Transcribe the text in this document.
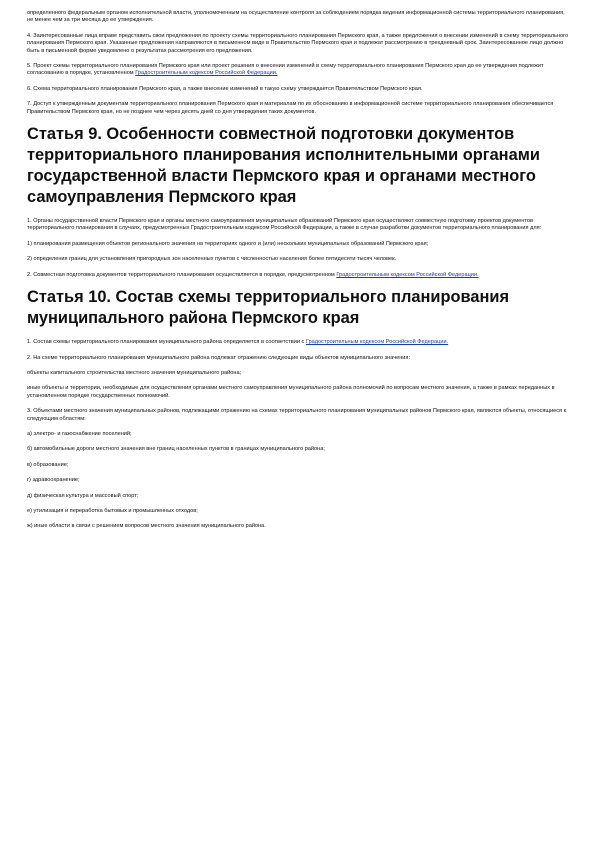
определенного федеральным органом исполнительной власти, уполномоченным на осуществление контроля за соблюдением порядка ведения информационной системы территориального планирования, не менее чем за три месяца до ее утверждения.

4. Заинтересованные лица вправе представить свои предложения по проекту схемы территориального планирования Пермского края, а также предложения о внесении изменений в схему территориального планирования Пермского края. Указанные предложения направляются в письменном виде в Правительство Пермского края и подлежат рассмотрению в трехдневный срок. Заинтересованное лицо должно быть в письменной форме уведомлено о результатах рассмотрения его предложения.

5. Проект схемы территориального планирования Пермского края или проект решения о внесении изменений в схему территориального планирования Пермского края до ее утверждения подлежит согласованию в порядке, установленном Градостроительным кодексом Российской Федерации.

6. Схема территориального планирования Пермского края, а также внесение изменений в такую схему утверждается Правительством Пермского края.

7. Доступ к утвержденным документам территориального планирования Пермского края и материалам по их обоснованию в информационной системе территориального планирования обеспечивается Правительством Пермского края, но не позднее чем через десять дней со дня утверждения таких документов.

Статья 9. Особенности совместной подготовки документов территориального планирования исполнительными органами государственной власти Пермского края и органами местного самоуправления Пермского края

1. Органы государственной власти Пермского края и органы местного самоуправления муниципальных образований Пермского края осуществляют совместную подготовку проектов документов территориального планирования в случаях, предусмотренных Градостроительным кодексом Российской Федерации, а также в случае разработки документов территориального планирования для:

1) планирования размещения объектов регионального значения на территориях одного и (или) нескольких муниципальных образований Пермского края;

2) определения границ для установления пригородных зон населенных пунктов с численностью населения более пятидесяти тысяч человек.

2. Совместная подготовка документов территориального планирования осуществляется в порядке, предусмотренном Градостроительным кодексом Российской Федерации.

Статья 10. Состав схемы территориального планирования муниципального района Пермского края

1. Состав схемы территориального планирования муниципального района определяется в соответствии с Градостроительным кодексом Российской Федерации.

2. На схеме территориального планирования муниципального района подлежат отражению следующие виды объектов муниципального значения:

объекты капитального строительства местного значения муниципального района;

иные объекты и территории, необходимые для осуществления органами местного самоуправления муниципального района полномочий по вопросам местного значения, а также в рамках переданных в установленном порядке государственных полномочий.

3. Объектами местного значения муниципальных районов, подлежащими отражению на схемах территориального планирования муниципальных районов Пермского края, являются объекты, относящиеся к следующим областям:

а) электро- и газоснабжение поселений;

б) автомобильные дороги местного значения вне границ населенных пунктов в границах муниципального района;

в) образование;

г) здравоохранение;

д) физическая культура и массовый спорт;

е) утилизация и переработка бытовых и промышленных отходов;

ж) иные области в связи с решением вопросов местного значения муниципального района.
